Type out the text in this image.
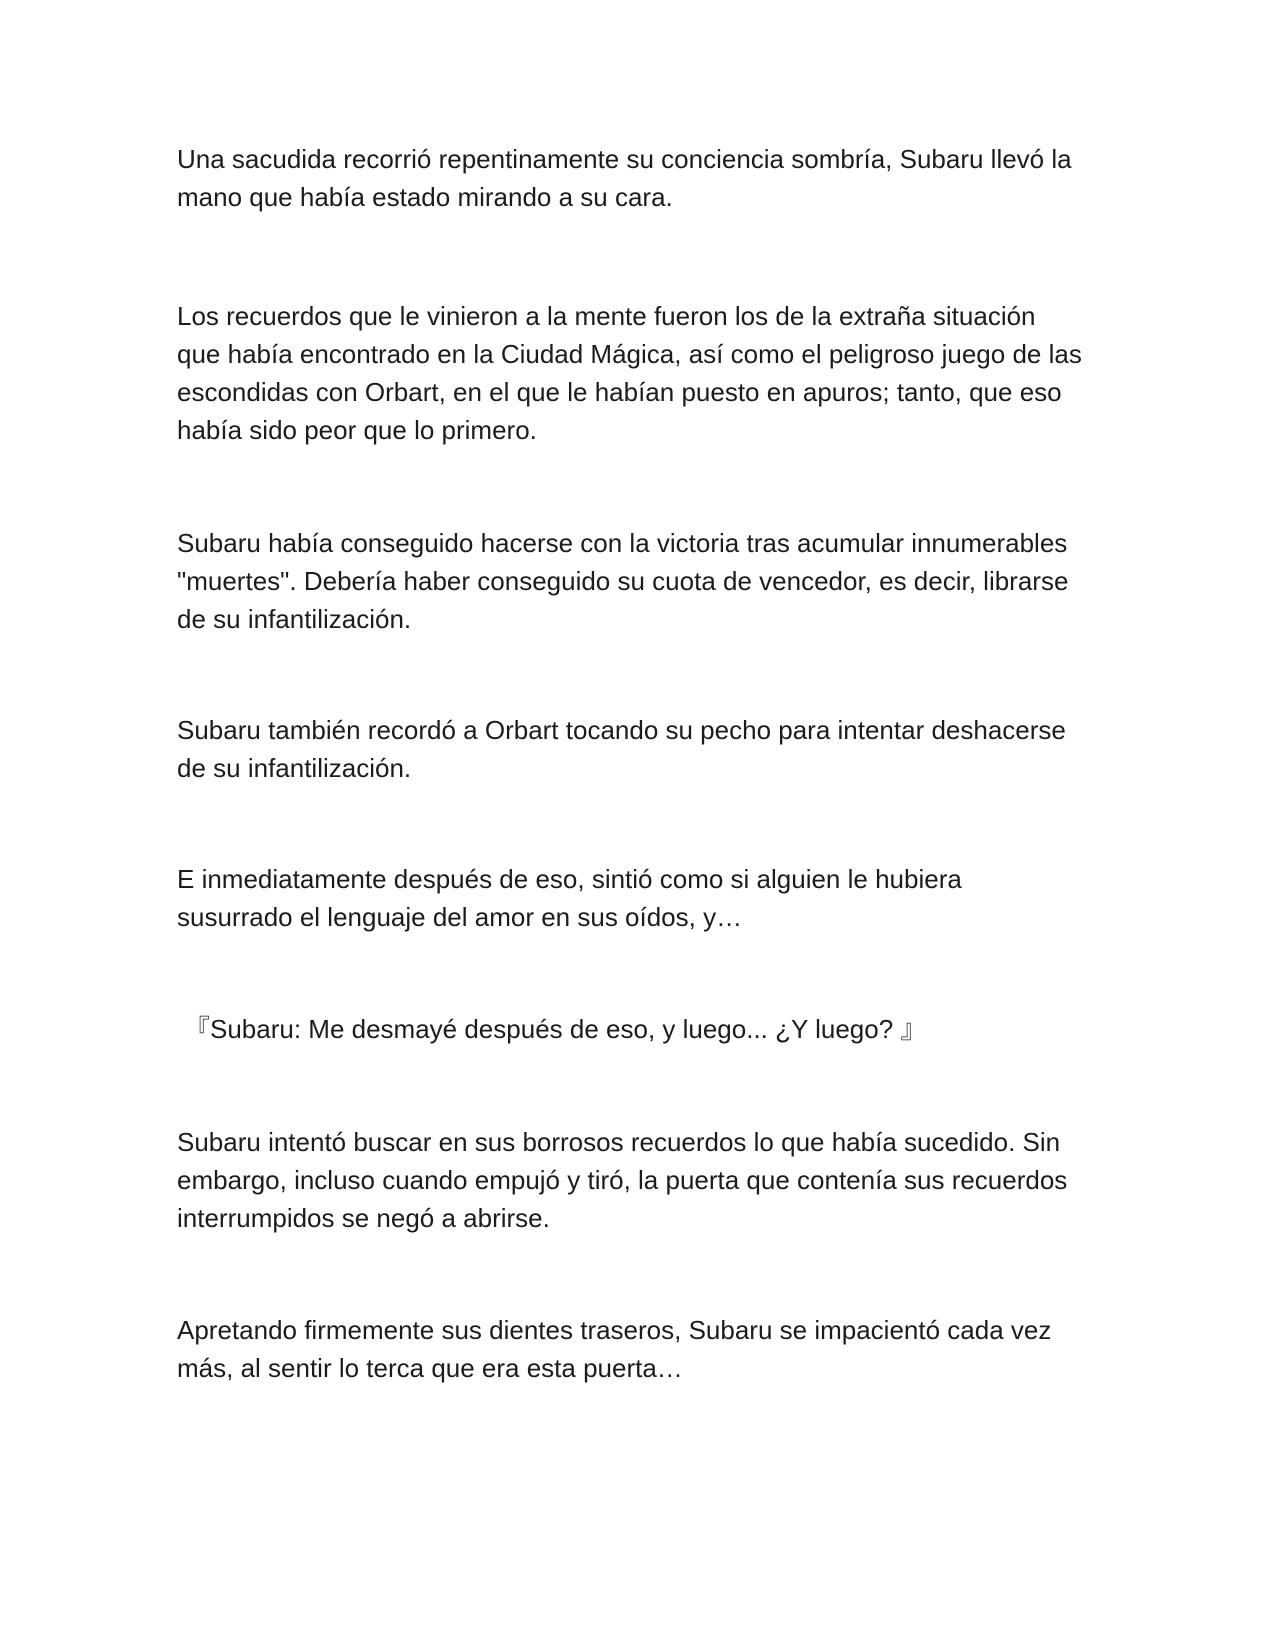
Una sacudida recorrió repentinamente su conciencia sombría, Subaru llevó la
mano que había estado mirando a su cara.

Los recuerdos que le vinieron a la mente fueron los de la extraña situación
que había encontrado en la Ciudad Mágica, así como el peligroso juego de las
escondidas con Orbart, en el que le habían puesto en apuros; tanto, que eso
había sido peor que lo primero.

Subaru había conseguido hacerse con la victoria tras acumular innumerables
"muertes". Debería haber conseguido su cuota de vencedor, es decir, librarse
de su infantilización.

Subaru también recordó a Orbart tocando su pecho para intentar deshacerse
de su infantilización.

E inmediatamente después de eso, sintió como si alguien le hubiera
susurrado el lenguaje del amor en sus oídos, y…

『Subaru: Me desmayé después de eso, y luego... ¿Y luego? 』

Subaru intentó buscar en sus borrosos recuerdos lo que había sucedido. Sin
embargo, incluso cuando empujó y tiró, la puerta que contenía sus recuerdos
interrumpidos se negó a abrirse.

Apretando firmemente sus dientes traseros, Subaru se impacientó cada vez
más, al sentir lo terca que era esta puerta…
